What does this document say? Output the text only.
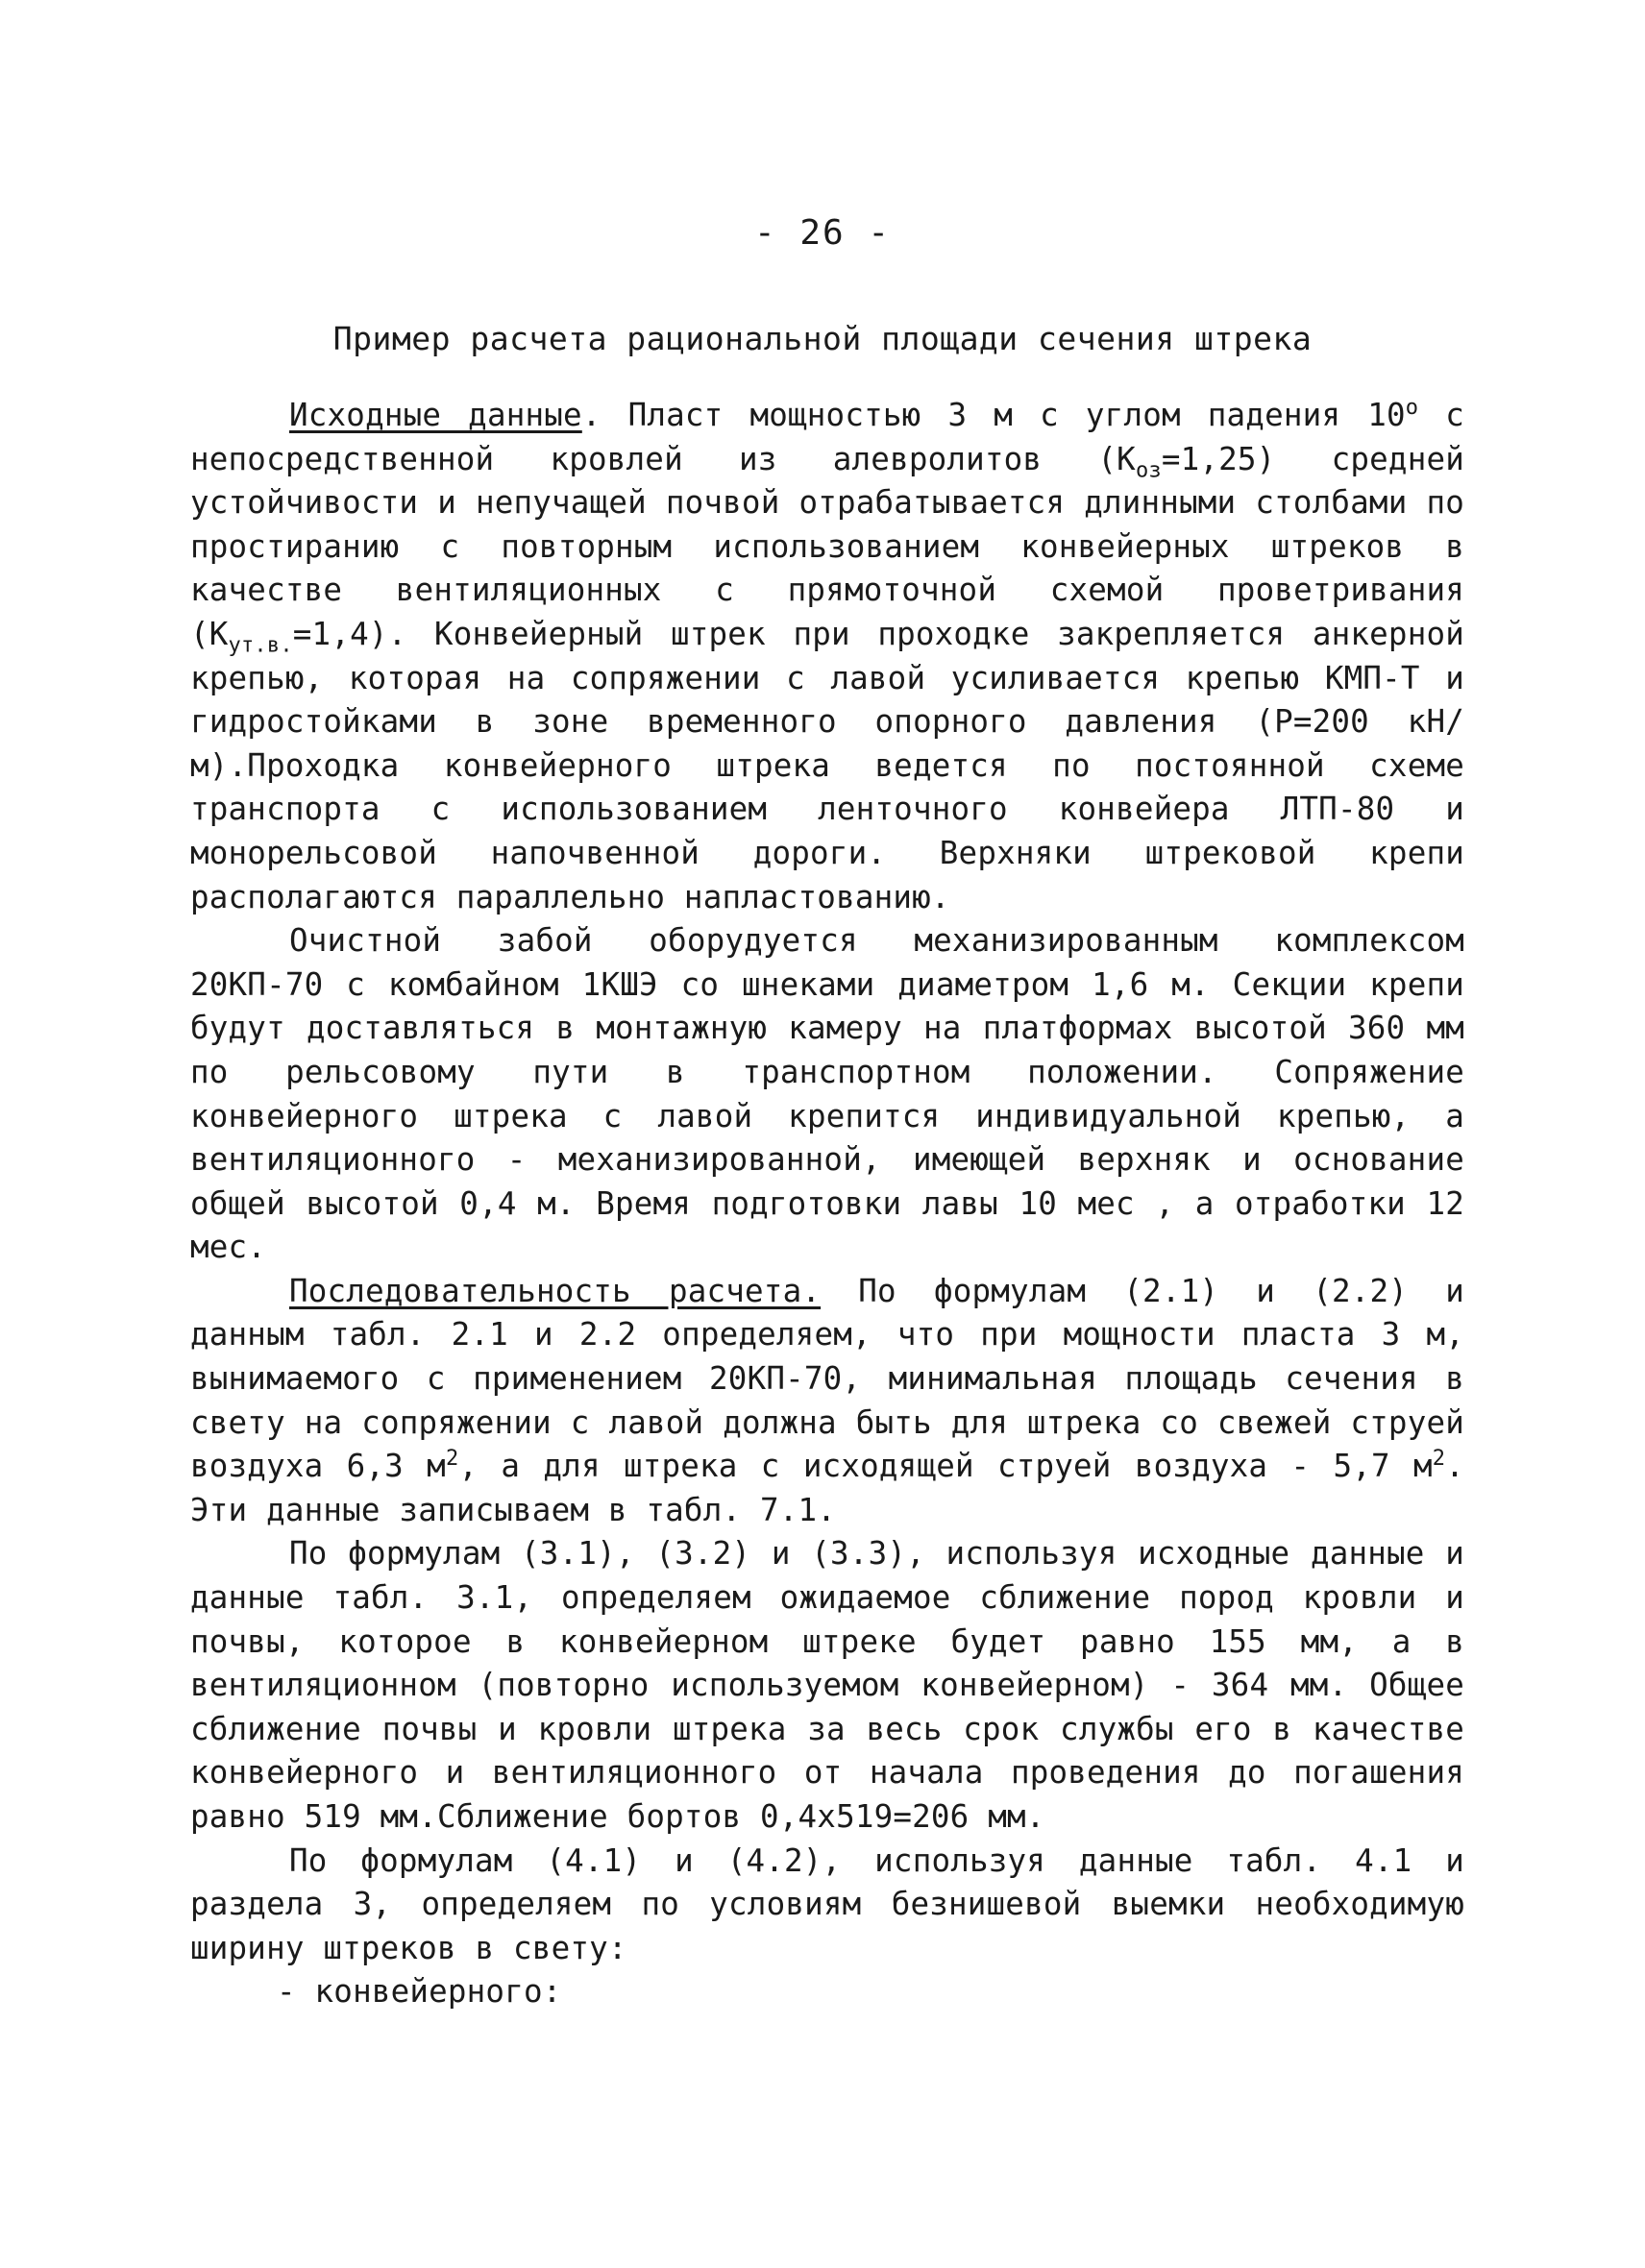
- 26 -
Пример расчета рациональной площади сечения штрека

Исходные данные. Пласт мощностью 3 м с углом падения $10^о$ с непосредственной кровлей из алевролитов $(К_{оз}=1,25)$ средней устойчивости и непучащей почвой отрабатывается длинными столбами по простиранию с повторным использованием конвейерных штреков в качестве вентиляционных с прямоточной схемой проветривания $(К_{ут.в.}=1,4)$. Конвейерный штрек при проходке закрепляется анкерной крепью, которая на сопряжении с лавой усиливается крепью КМП-Т и гидростойками в зоне временного опорного давления (Р=200 кН/м).Проходка конвейерного штрека ведется по постоянной схеме транспорта с использованием ленточного конвейера ЛТП-80 и монорельсовой напочвенной дороги. Верхняки штрековой крепи располагаются параллельно напластованию.

Очистной забой оборудуется механизированным комплексом 20КП-70 с комбайном 1КШЭ со шнеками диаметром 1,6 м. Секции крепи будут доставляться в монтажную камеру на платформах высотой 360 мм по рельсовому пути в транспортном положении. Сопряжение конвейерного штрека с лавой крепится индивидуальной крепью, а вентиляционного - механизированной, имеющей верхняк и основание общей высотой 0,4 м. Время подготовки лавы 10 мес , а отработки 12 мес.

Последовательность расчета. По формулам (2.1) и (2.2) и данным табл. 2.1 и 2.2 определяем, что при мощности пласта 3 м, вынимаемого с применением 20КП-70, минимальная площадь сечения в свету на сопряжении с лавой должна быть для штрека со свежей струей воздуха 6,3 $м^2$, а для штрека с исходящей струей воздуха - 5,7 $м^2$. Эти данные записываем в табл. 7.1.

По формулам (3.1), (3.2) и (3.3), используя исходные данные и данные табл. 3.1, определяем ожидаемое сближение пород кровли и почвы, которое в конвейерном штреке будет равно 155 мм, а в вентиляционном (повторно используемом конвейерном) - 364 мм. Общее сближение почвы и кровли штрека за весь срок службы его в качестве конвейерного и вентиляционного от начала проведения до погашения равно 519 мм.Сближение бортов 0,4х519=206 мм.

По формулам (4.1) и (4.2), используя данные табл. 4.1 и раздела 3, определяем по условиям безнишевой выемки необходимую ширину штреков в свету:

- конвейерного:
